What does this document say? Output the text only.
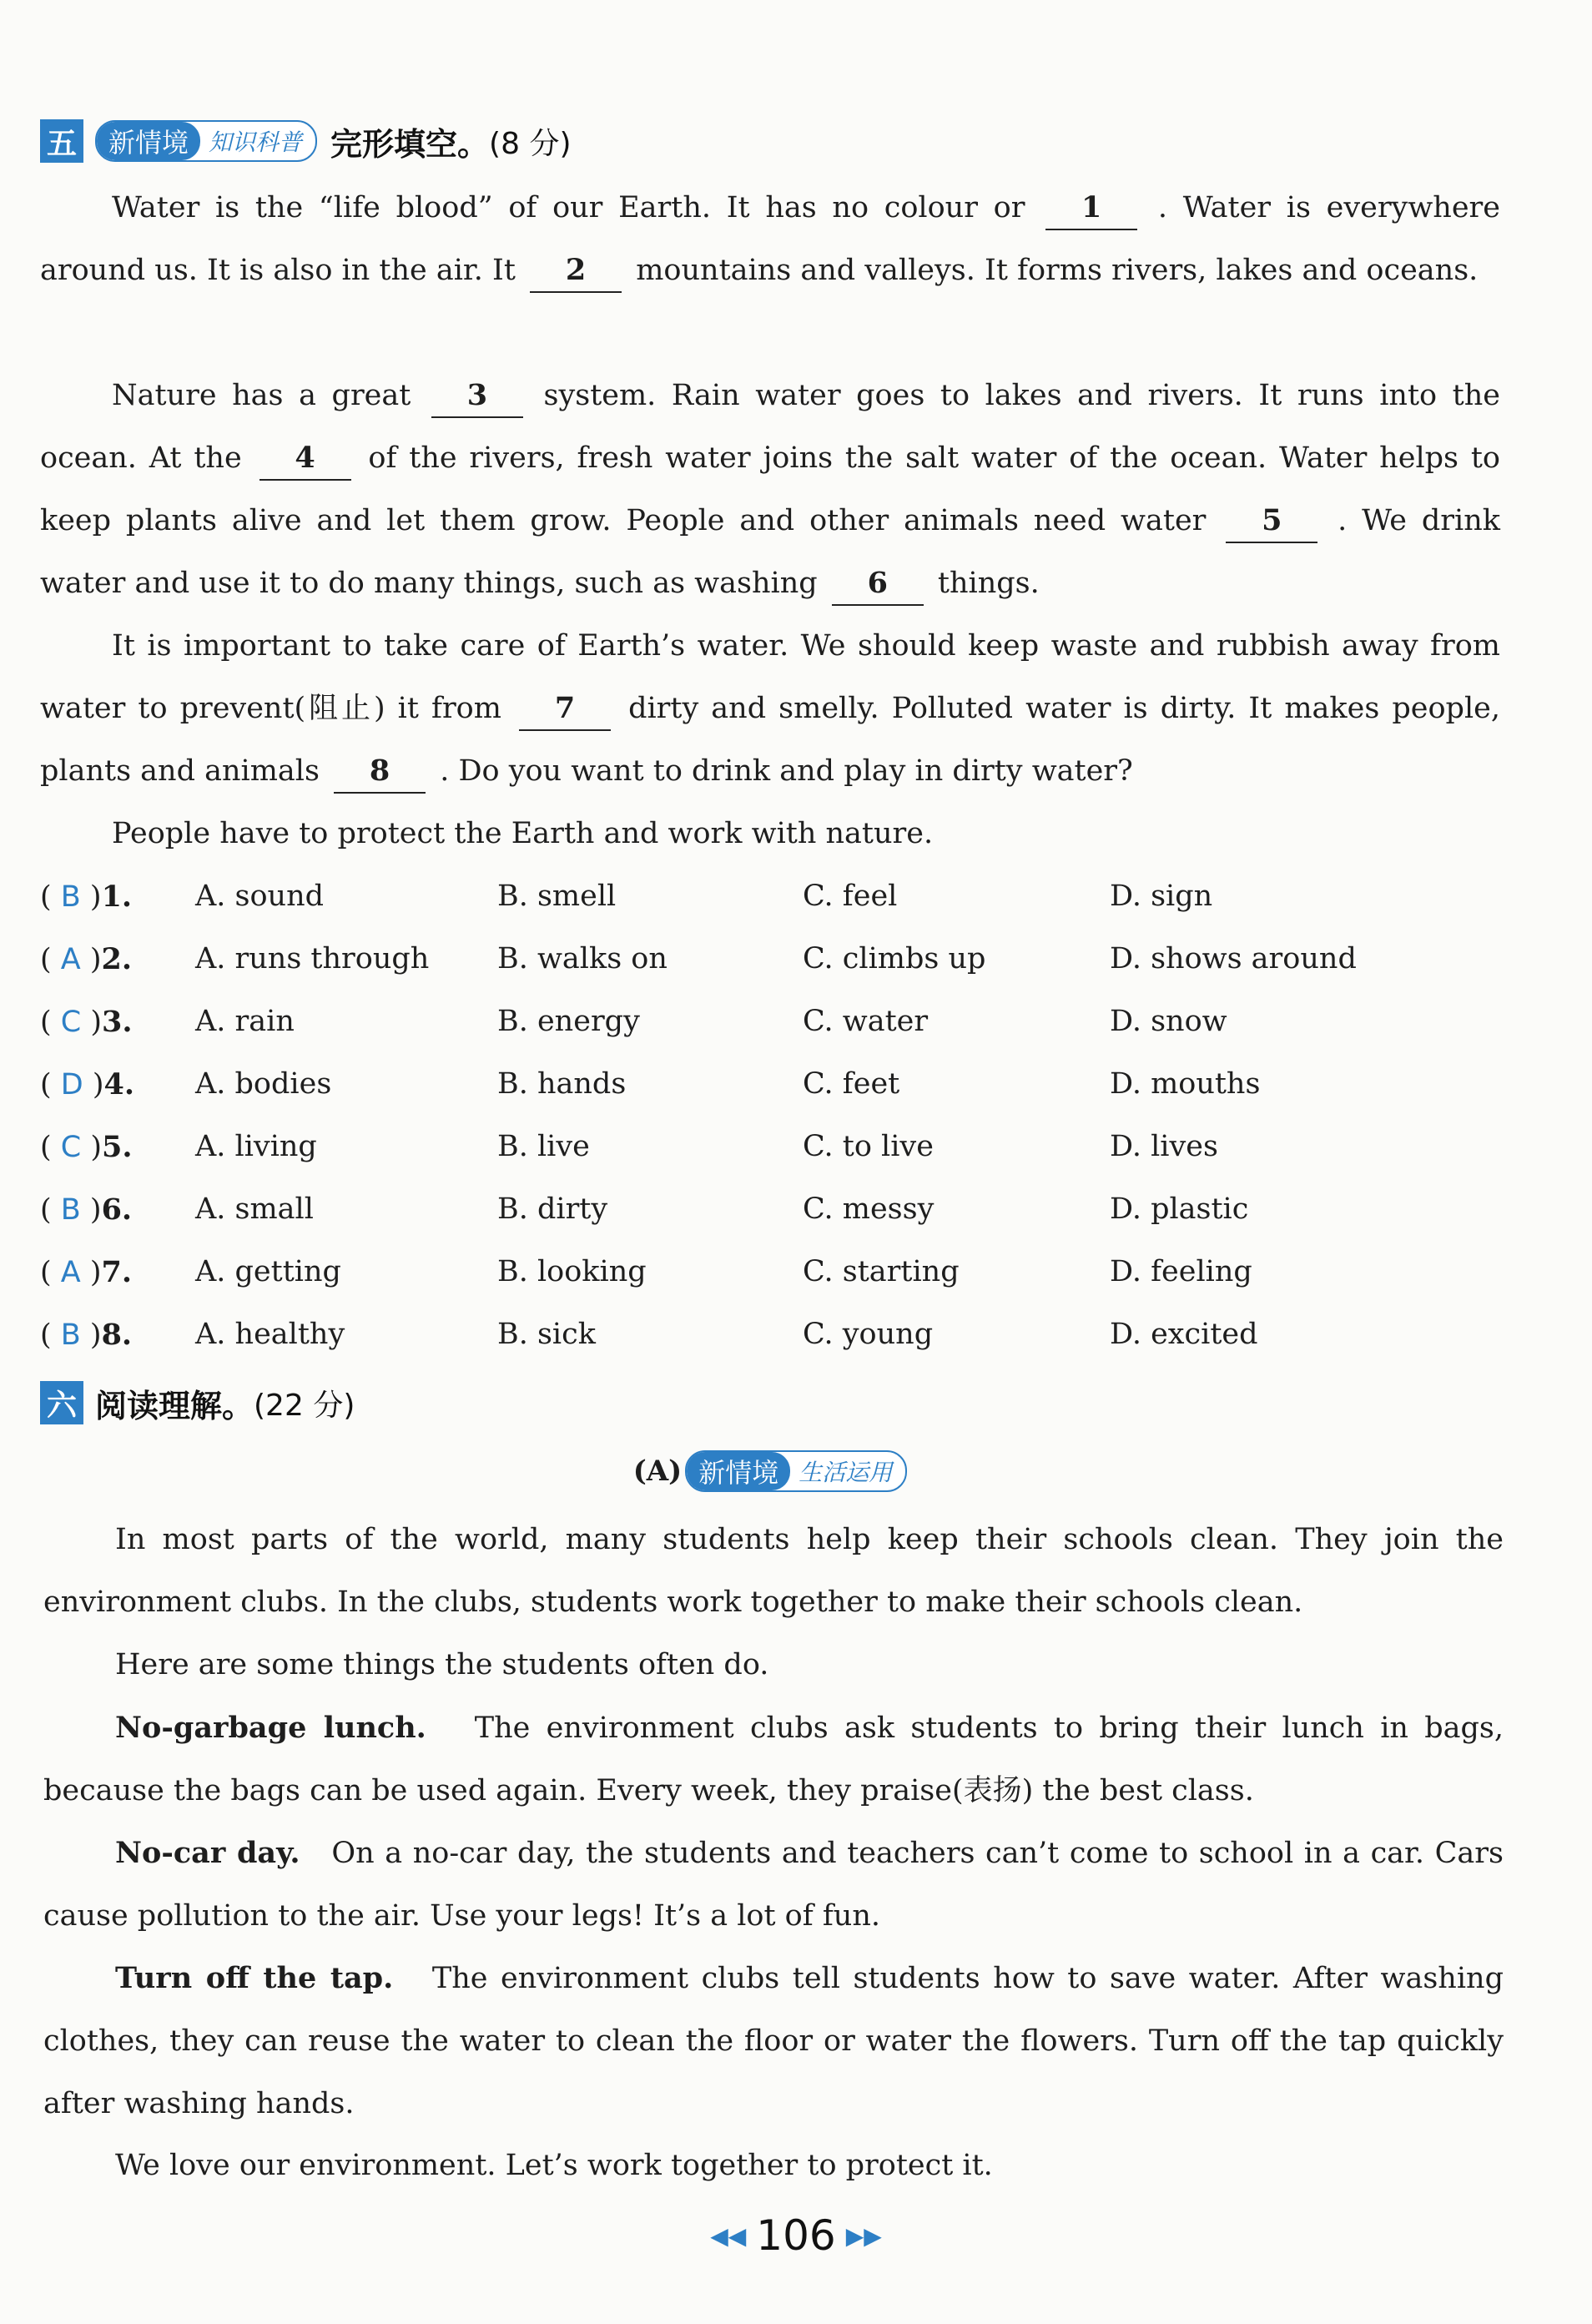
五	新情境 知识科普 完形填空。 (8 分)
Water is the “life blood” of our Earth. It has no colour or 1 . Water is everywhere around us. It is also in the air. It 2 mountains and valleys. It forms rivers, lakes and oceans.
Nature has a great 3 system. Rain water goes to lakes and rivers. It runs into the ocean. At the 4 of the rivers, fresh water joins the salt water of the ocean. Water helps to keep plants alive and let them grow. People and other animals need water 5 . We drink water and use it to do many things, such as washing 6 things.
It is important to take care of Earth’s water. We should keep waste and rubbish away from water to prevent(阻止) it from 7 dirty and smelly. Polluted water is dirty. It makes people, plants and animals 8 . Do you want to drink and play in dirty water?
People have to protect the Earth and work with nature.
( B )1. A. sound	B. smell	C. feel	D. sign
( A )2. A. runs through B. walks on	C. climbs up	D. shows around
( C )3. A. rain	B. energy	C. water	D. snow
( D )4. A. bodies	B. hands	C. feet	D. mouths
( C )5. A. living	B. live	C. to live	D. lives
( B )6. A. small	B. dirty	C. messy	D. plastic
( A )7. A. getting	B. looking	C. starting	D. feeling
( B )8. A. healthy	B. sick	C. young	D. excited
六 阅读理解。 (22 分)
(A) 新情境 生活运用
In most parts of the world, many students help keep their schools clean. They join the environment clubs. In the clubs, students work together to make their schools clean.
Here are some things the students often do.
No-garbage lunch. The environment clubs ask students to bring their lunch in bags, because the bags can be used again. Every week, they praise(表扬) the best class.
No-car day. On a no-car day, the students and teachers can’t come to school in a car. Cars cause pollution to the air. Use your legs! It’s a lot of fun.
Turn off the tap. The environment clubs tell students how to save water. After washing clothes, they can reuse the water to clean the floor or water the flowers. Turn off the tap quickly after washing hands.
We love our environment. Let’s work together to protect it.
◀◀ 106 ▶▶
